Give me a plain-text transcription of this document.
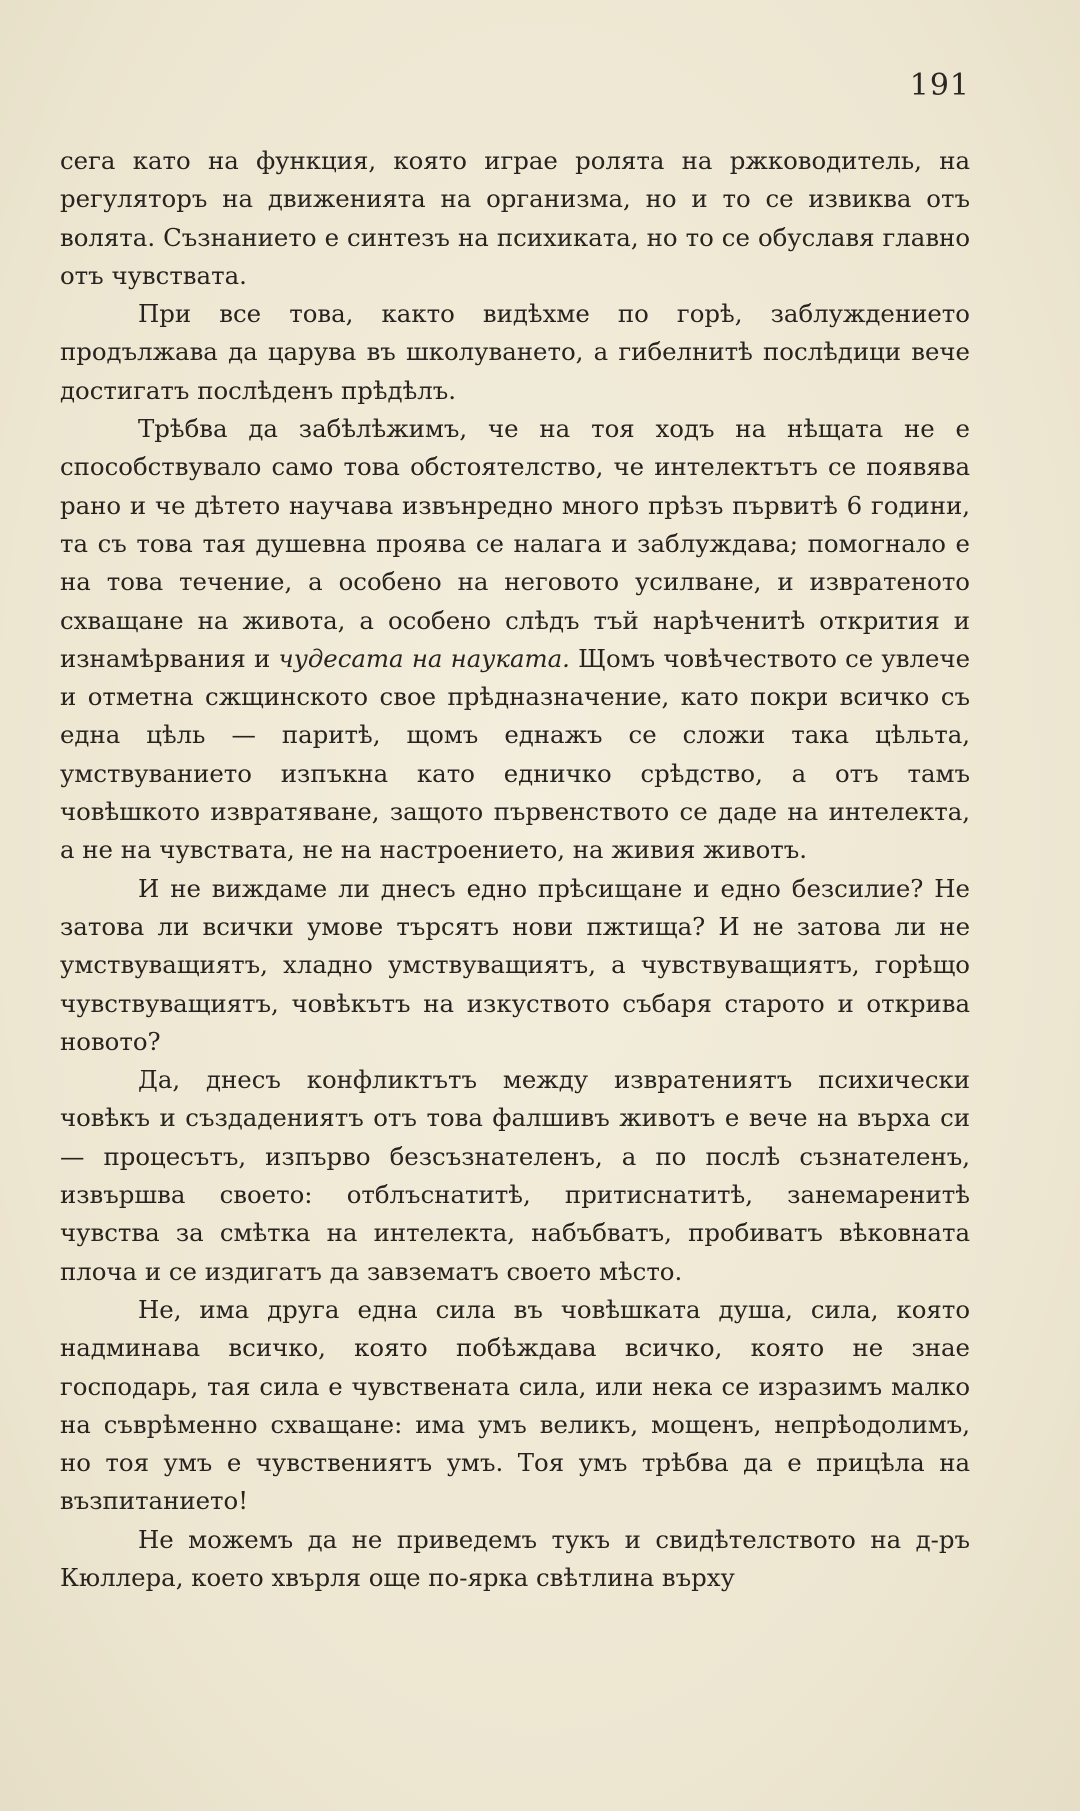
191

сега като на функция, която играе ролята на ржководитель, на регуляторъ на движенията на организма, но и то се извиква отъ волята. Съзнанието е синтезъ на психиката, но то се обуславя главно отъ чувствата.

При все това, както видѣхме по горѣ, заблуждението продължава да царува въ школуването, а гибелнитѣ послѣдици вече достигатъ послѣденъ прѣдѣлъ.

Трѣбва да забѣлѣжимъ, че на тоя ходъ на нѣщата не е способствувало само това обстоятелство, че интелектътъ се появява рано и че дѣтето научава извънредно много прѣзъ първитѣ 6 години, та съ това тая душевна проява се налага и заблуждава; помогнало е на това течение, а особено на неговото усилване, и извратеното схващане на живота, а особено слѣдъ тъй нарѣченитѣ открития и изнамѣрвания и чудесата на науката. Щомъ човѣчеството се увлече и отметна сжщинското свое прѣдназначение, като покри всичко съ една цѣль — паритѣ, щомъ еднажъ се сложи така цѣльта, умствуванието изпъкна като едничко срѣдство, а отъ тамъ човѣшкото извратяване, защото първенството се даде на интелекта, а не на чувствата, не на настроението, на живия животъ.

И не виждаме ли днесъ едно прѣсищане и едно безсилие? Не затова ли всички умове търсятъ нови пжтища? И не затова ли не умствуващиятъ, хладно умствуващиятъ, а чувствуващиятъ, горѣщо чувствуващиятъ, човѣкътъ на изкуството събаря старото и открива новото?

Да, днесъ конфликтътъ между извратениятъ психически човѣкъ и създадениятъ отъ това фалшивъ животъ е вече на върха си — процесътъ, изпърво безсъзнателенъ, а по послѣ съзнателенъ, извършва своето: отблъснатитѣ, притиснатитѣ, занемаренитѣ чувства за смѣтка на интелекта, набъбватъ, пробиватъ вѣковната плоча и се издигатъ да завзематъ своето мѣсто.

Не, има друга една сила въ човѣшката душа, сила, която надминава всичко, която побѣждава всичко, която не знае господарь, тая сила е чувствената сила, или нека се изразимъ малко на съврѣменно схващане: има умъ великъ, мощенъ, непрѣодолимъ, но тоя умъ е чувствениятъ умъ. Тоя умъ трѣбва да е прицѣла на възпитанието!

Не можемъ да не приведемъ тукъ и свидѣтелството на д-ръ Кюллера, което хвърля още по-ярка свѣтлина върху
